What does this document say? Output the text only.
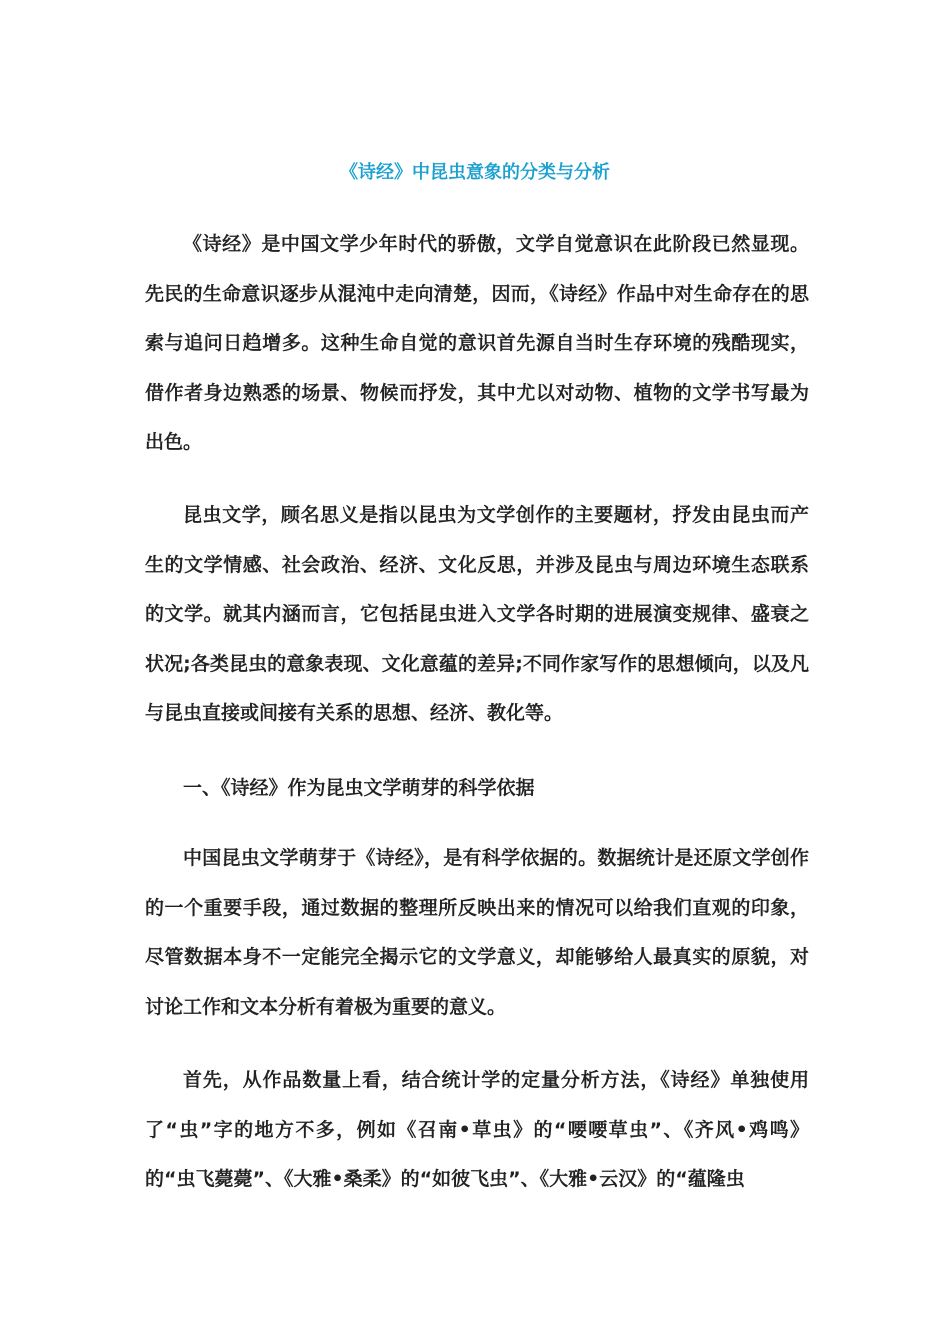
《诗经》中昆虫意象的分类与分析

《诗经》是中国文学少年时代的骄傲，文学自觉意识在此阶段已然显现。先民的生命意识逐步从混沌中走向清楚，因而，《诗经》作品中对生命存在的思索与追问日趋增多。这种生命自觉的意识首先源自当时生存环境的残酷现实，借作者身边熟悉的场景、物候而抒发，其中尤以对动物、植物的文学书写最为出色。

昆虫文学，顾名思义是指以昆虫为文学创作的主要题材，抒发由昆虫而产生的文学情感、社会政治、经济、文化反思，并涉及昆虫与周边环境生态联系的文学。就其内涵而言，它包括昆虫进入文学各时期的进展演变规律、盛衰之状况;各类昆虫的意象表现、文化意蕴的差异;不同作家写作的思想倾向，以及凡与昆虫直接或间接有关系的思想、经济、教化等。

一、《诗经》作为昆虫文学萌芽的科学依据

中国昆虫文学萌芽于《诗经》，是有科学依据的。数据统计是还原文学创作的一个重要手段，通过数据的整理所反映出来的情况可以给我们直观的印象，尽管数据本身不一定能完全揭示它的文学意义，却能够给人最真实的原貌，对讨论工作和文本分析有着极为重要的意义。

首先，从作品数量上看，结合统计学的定量分析方法，《诗经》单独使用了“虫”字的地方不多，例如《召南•草虫》的“喓喓草虫”、《齐风•鸡鸣》的“虫飞薨薨”、《大雅•桑柔》的“如彼飞虫”、《大雅•云汉》的“蕴隆虫
